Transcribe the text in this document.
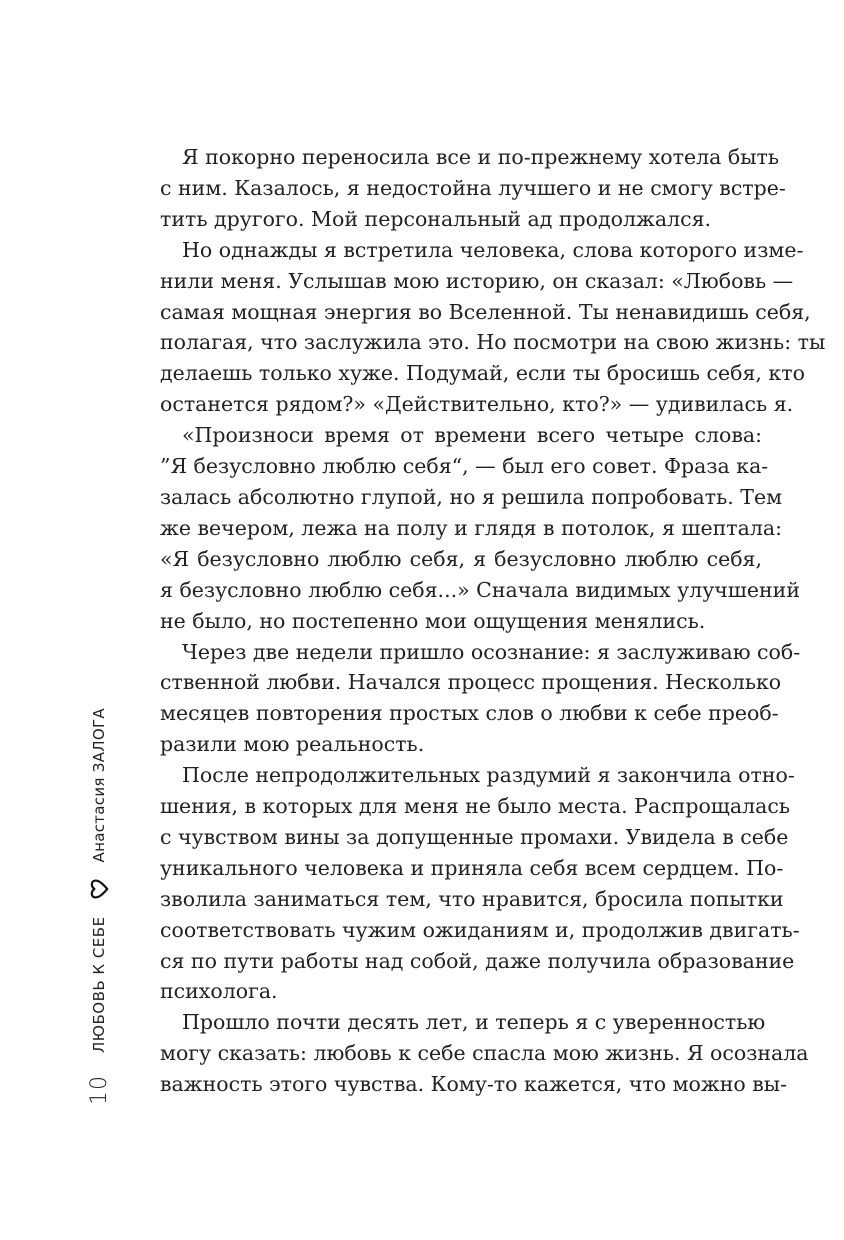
Я покорно переносила все и по-прежнему хотела быть
с ним. Казалось, я недостойна лучшего и не смогу встре-
тить другого. Мой персональный ад продолжался.
Но однажды я встретила человека, слова которого изме-
нили меня. Услышав мою историю, он сказал: «Любовь —
самая мощная энергия во Вселенной. Ты ненавидишь себя,
полагая, что заслужила это. Но посмотри на свою жизнь: ты
делаешь только хуже. Подумай, если ты бросишь себя, кто
останется рядом?» «Действительно, кто?» — удивилась я.
«Произноси время от времени всего четыре слова:
”Я безусловно люблю себя“, — был его совет. Фраза ка-
залась абсолютно глупой, но я решила попробовать. Тем
же вечером, лежа на полу и глядя в потолок, я шептала:
«Я безусловно люблю себя, я безусловно люблю себя,
я безусловно люблю себя...» Сначала видимых улучшений
не было, но постепенно мои ощущения менялись.
Через две недели пришло осознание: я заслуживаю соб-
ственной любви. Начался процесс прощения. Несколько
месяцев повторения простых слов о любви к себе преоб-
разили мою реальность.
После непродолжительных раздумий я закончила отно-
шения, в которых для меня не было места. Распрощалась
с чувством вины за допущенные промахи. Увидела в себе
уникального человека и приняла себя всем сердцем. По-
зволила заниматься тем, что нравится, бросила попытки
соответствовать чужим ожиданиям и, продолжив двигать-
ся по пути работы над собой, даже получила образование
психолога.
Прошло почти десять лет, и теперь я с уверенностью
могу сказать: любовь к себе спасла мою жизнь. Я осознала
важность этого чувства. Кому-то кажется, что можно вы-
10
ЛЮБОВЬ К СЕБЕ
Анастасия ЗАЛОГА
